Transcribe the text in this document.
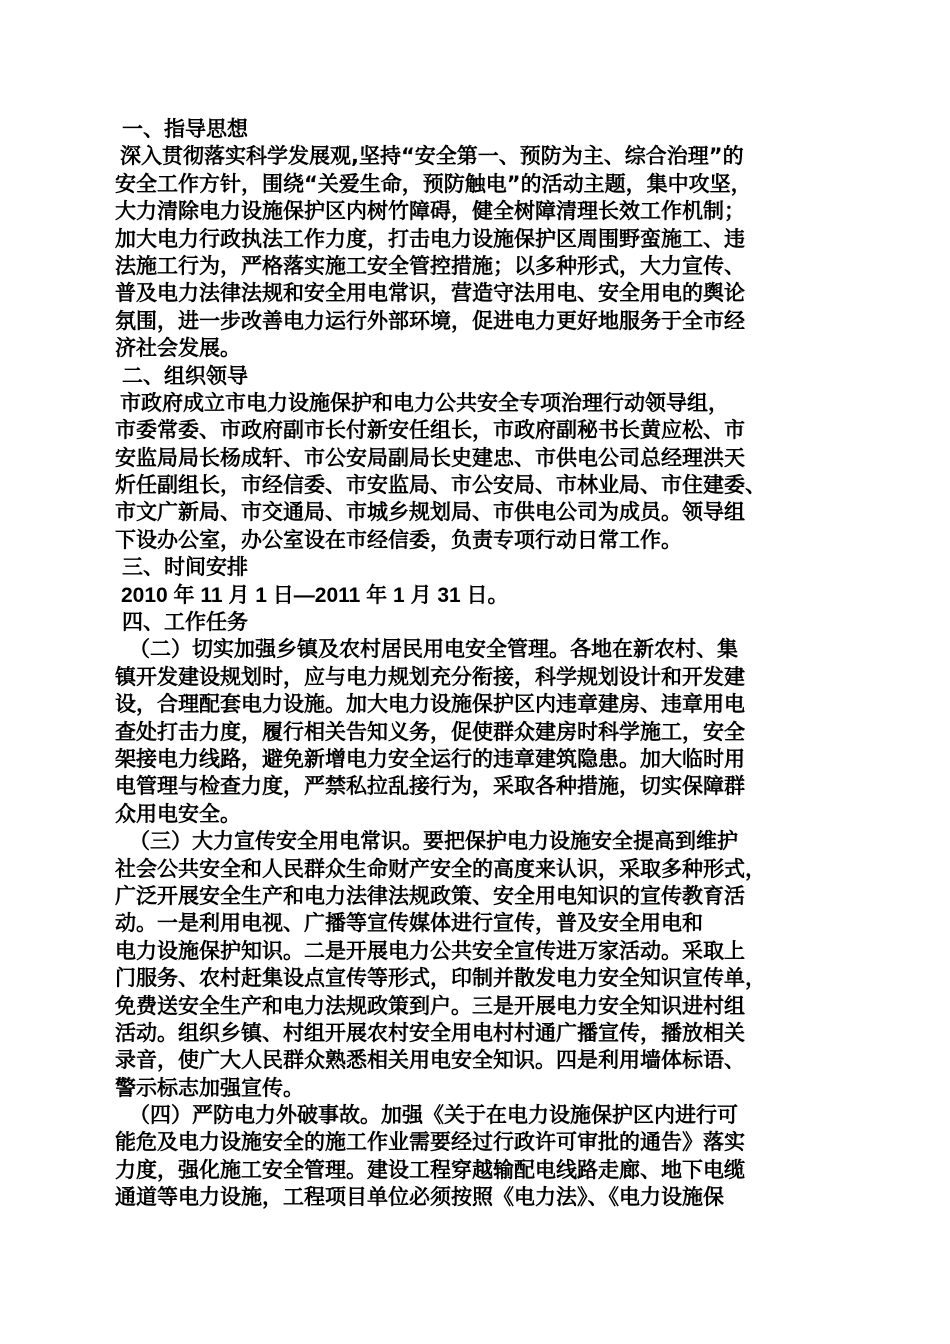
一、指导思想
深入贯彻落实科学发展观,坚持“安全第一、预防为主、综合治理”的
安全工作方针，围绕“关爱生命，预防触电”的活动主题，集中攻坚，
大力清除电力设施保护区内树竹障碍，健全树障清理长效工作机制；
加大电力行政执法工作力度，打击电力设施保护区周围野蛮施工、违
法施工行为，严格落实施工安全管控措施；以多种形式，大力宣传、
普及电力法律法规和安全用电常识，营造守法用电、安全用电的舆论
氛围，进一步改善电力运行外部环境，促进电力更好地服务于全市经
济社会发展。
二、组织领导
市政府成立市电力设施保护和电力公共安全专项治理行动领导组，
市委常委、市政府副市长付新安任组长，市政府副秘书长黄应松、市
安监局局长杨成轩、市公安局副局长史建忠、市供电公司总经理洪天
炘任副组长，市经信委、市安监局、市公安局、市林业局、市住建委、
市文广新局、市交通局、市城乡规划局、市供电公司为成员。领导组
下设办公室，办公室设在市经信委，负责专项行动日常工作。
三、时间安排
2010 年 11 月 1 日—2011 年 1 月 31 日。
四、工作任务
（二）切实加强乡镇及农村居民用电安全管理。各地在新农村、集
镇开发建设规划时，应与电力规划充分衔接，科学规划设计和开发建
设，合理配套电力设施。加大电力设施保护区内违章建房、违章用电
查处打击力度，履行相关告知义务，促使群众建房时科学施工，安全
架接电力线路，避免新增电力安全运行的违章建筑隐患。加大临时用
电管理与检查力度，严禁私拉乱接行为，采取各种措施，切实保障群
众用电安全。
（三）大力宣传安全用电常识。要把保护电力设施安全提高到维护
社会公共安全和人民群众生命财产安全的高度来认识，采取多种形式，
广泛开展安全生产和电力法律法规政策、安全用电知识的宣传教育活
动。一是利用电视、广播等宣传媒体进行宣传，普及安全用电和
电力设施保护知识。二是开展电力公共安全宣传进万家活动。采取上
门服务、农村赶集设点宣传等形式，印制并散发电力安全知识宣传单，
免费送安全生产和电力法规政策到户。三是开展电力安全知识进村组
活动。组织乡镇、村组开展农村安全用电村村通广播宣传，播放相关
录音，使广大人民群众熟悉相关用电安全知识。四是利用墙体标语、
警示标志加强宣传。
（四）严防电力外破事故。加强《关于在电力设施保护区内进行可
能危及电力设施安全的施工作业需要经过行政许可审批的通告》落实
力度，强化施工安全管理。建设工程穿越输配电线路走廊、地下电缆
通道等电力设施，工程项目单位必须按照《电力法》、《电力设施保
